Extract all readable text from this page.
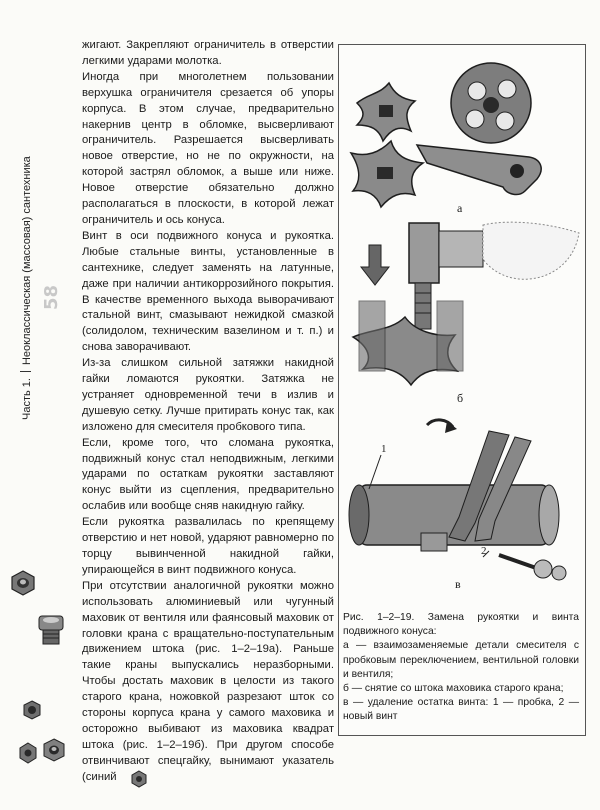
Часть 1.Неоклассическая (массовая) сантехника 58

жигают. Закрепляют ограничитель в отверстии легкими ударами молотка.

Иногда при многолетнем пользовании верхушка ограничителя срезается об упоры корпуса. В этом случае, предварительно накернив центр в обломке, высверливают ограничитель. Разрешается высверливать новое отверстие, но не по окружности, на которой застрял обломок, а выше или ниже. Новое отверстие обязательно должно располагаться в плоскости, в которой лежат ограничитель и ось конуса.

Винт в оси подвижного конуса и рукоятка. Любые стальные винты, установленные в сантехнике, следует заменять на латунные, даже при наличии антикоррозийного покрытия. В качестве временного выхода выворачивают стальной винт, смазывают нежидкой смазкой (солидолом, техническим вазелином и т. п.) и снова заворачивают.

Из-за слишком сильной затяжки накидной гайки ломаются рукоятки. Затяжка не устраняет одновременной течи в излив и душевую сетку. Лучше притирать конус так, как изложено для смесителя пробкового типа.

Если, кроме того, что сломана рукоятка, подвижный конус стал неподвижным, легкими ударами по остаткам рукоятки заставляют конус выйти из сцепления, предварительно ослабив или вообще сняв накидную гайку.

Если рукоятка развалилась по крепящему отверстию и нет новой, ударяют равномерно по торцу вывинченной накидной гайки, упирающейся в винт подвижного конуса.

При отсутствии аналогичной рукоятки можно использовать алюминиевый или чугунный маховик от вентиля или фаянсовый маховик от головки крана с вращательно-поступательным движением штока (рис. 1–2–19а). Раньше такие краны выпускались неразборными. Чтобы достать маховик в целости из такого старого крана, ножовкой разрезают шток со стороны корпуса крана у самого маховика и осторожно выбивают из маховика квадрат штока (рис. 1–2–19б). При другом способе отвинчивают спецгайку, вынимают указатель (синий

а
б
в
1
2

Рис. 1–2–19. Замена рукоятки и винта подвижного конуса:

а — взаимозаменяемые детали смесителя с пробковым переключением, вентильной головки и вентиля;

б — снятие со штока маховика старого крана;

в — удаление остатка винта: 1 — пробка, 2 — новый винт
